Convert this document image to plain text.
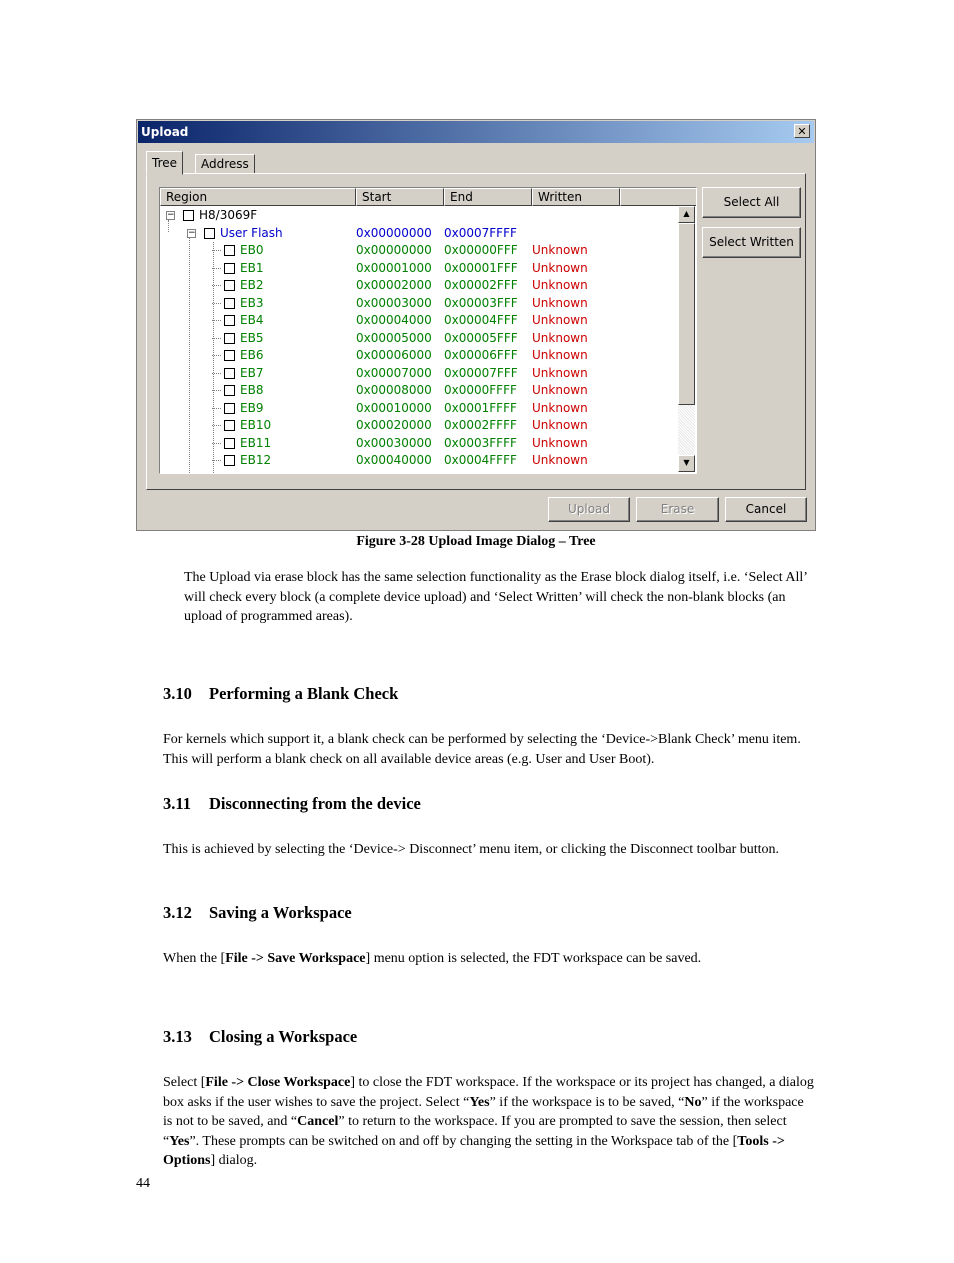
Upload	✕
Tree	Address
Region	Start	End	Written
− H8/3069F
− User Flash	0x00000000 0x0007FFFF
EB0	0x00000000 0x00000FFF Unknown
EB1	0x00001000 0x00001FFF Unknown
EB2	0x00002000 0x00002FFF Unknown
EB3	0x00003000 0x00003FFF Unknown
EB4	0x00004000 0x00004FFF Unknown
EB5	0x00005000 0x00005FFF Unknown
EB6	0x00006000 0x00006FFF Unknown
EB7	0x00007000 0x00007FFF Unknown
EB8	0x00008000 0x0000FFFF Unknown
EB9	0x00010000 0x0001FFFF Unknown
EB10	0x00020000 0x0002FFFF Unknown
EB11	0x00030000 0x0003FFFF Unknown
EB12	0x00040000 0x0004FFFF Unknown
▲
▼
Select All
Select Written
Upload	Erase	Cancel
Figure 3-28 Upload Image Dialog – Tree
The Upload via erase block has the same selection functionality as the Erase block dialog itself, i.e. ‘Select All’ will check every block (a complete device upload) and ‘Select Written’ will check the non-blank blocks (an upload of programmed areas).
3.10 Performing a Blank Check
For kernels which support it, a blank check can be performed by selecting the ‘Device->Blank Check’ menu item. This will perform a blank check on all available device areas (e.g. User and User Boot).
3.11 Disconnecting from the device
This is achieved by selecting the ‘Device-> Disconnect’ menu item, or clicking the Disconnect toolbar button.
3.12 Saving a Workspace
When the [File -> Save Workspace] menu option is selected, the FDT workspace can be saved.
3.13 Closing a Workspace
Select [File -> Close Workspace] to close the FDT workspace. If the workspace or its project has changed, a dialog box asks if the user wishes to save the project. Select “Yes” if the workspace is to be saved, “No” if the workspace is not to be saved, and “Cancel” to return to the workspace. If you are prompted to save the session, then select “Yes”. These prompts can be switched on and off by changing the setting in the Workspace tab of the [Tools -> Options] dialog.
44
